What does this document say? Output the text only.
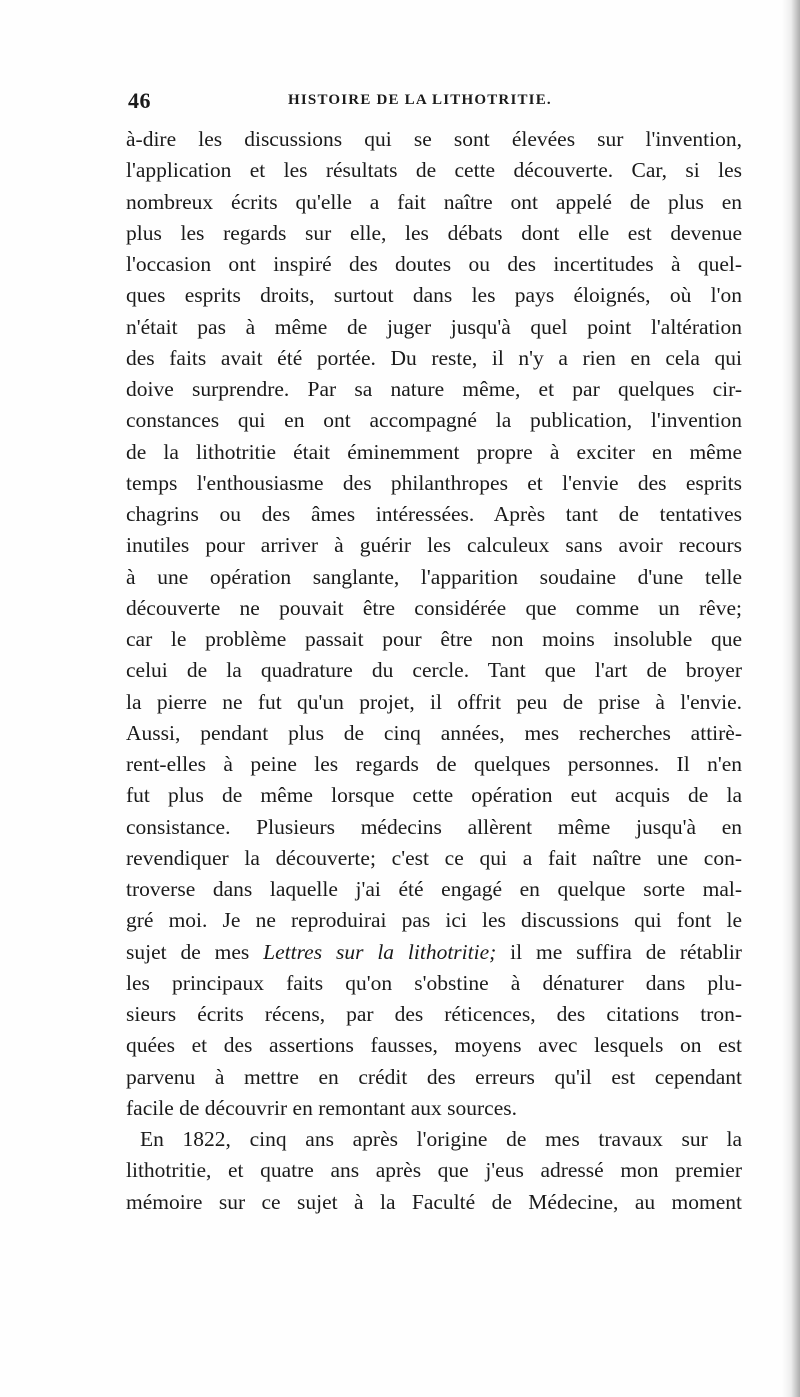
46	HISTOIRE DE LA LITHOTRITIE.
à-dire les discussions qui se sont élevées sur l'invention,
l'application et les résultats de cette découverte. Car, si les
nombreux écrits qu'elle a fait naître ont appelé de plus en
plus les regards sur elle, les débats dont elle est devenue
l'occasion ont inspiré des doutes ou des incertitudes à quel-
ques esprits droits, surtout dans les pays éloignés, où l'on
n'était pas à même de juger jusqu'à quel point l'altération
des faits avait été portée. Du reste, il n'y a rien en cela qui
doive surprendre. Par sa nature même, et par quelques cir-
constances qui en ont accompagné la publication, l'invention
de la lithotritie était éminemment propre à exciter en même
temps l'enthousiasme des philanthropes et l'envie des esprits
chagrins ou des âmes intéressées. Après tant de tentatives
inutiles pour arriver à guérir les calculeux sans avoir recours
à une opération sanglante, l'apparition soudaine d'une telle
découverte ne pouvait être considérée que comme un rêve;
car le problème passait pour être non moins insoluble que
celui de la quadrature du cercle. Tant que l'art de broyer
la pierre ne fut qu'un projet, il offrit peu de prise à l'envie.
Aussi, pendant plus de cinq années, mes recherches attirè-
rent-elles à peine les regards de quelques personnes. Il n'en
fut plus de même lorsque cette opération eut acquis de la
consistance. Plusieurs médecins allèrent même jusqu'à en
revendiquer la découverte; c'est ce qui a fait naître une con-
troverse dans laquelle j'ai été engagé en quelque sorte mal-
gré moi. Je ne reproduirai pas ici les discussions qui font le
sujet de mes Lettres sur la lithotritie; il me suffira de rétablir
les principaux faits qu'on s'obstine à dénaturer dans plu-
sieurs écrits récens, par des réticences, des citations tron-
quées et des assertions fausses, moyens avec lesquels on est
parvenu à mettre en crédit des erreurs qu'il est cependant
facile de découvrir en remontant aux sources.
En 1822, cinq ans après l'origine de mes travaux sur la
lithotritie, et quatre ans après que j'eus adressé mon premier
mémoire sur ce sujet à la Faculté de Médecine, au moment
